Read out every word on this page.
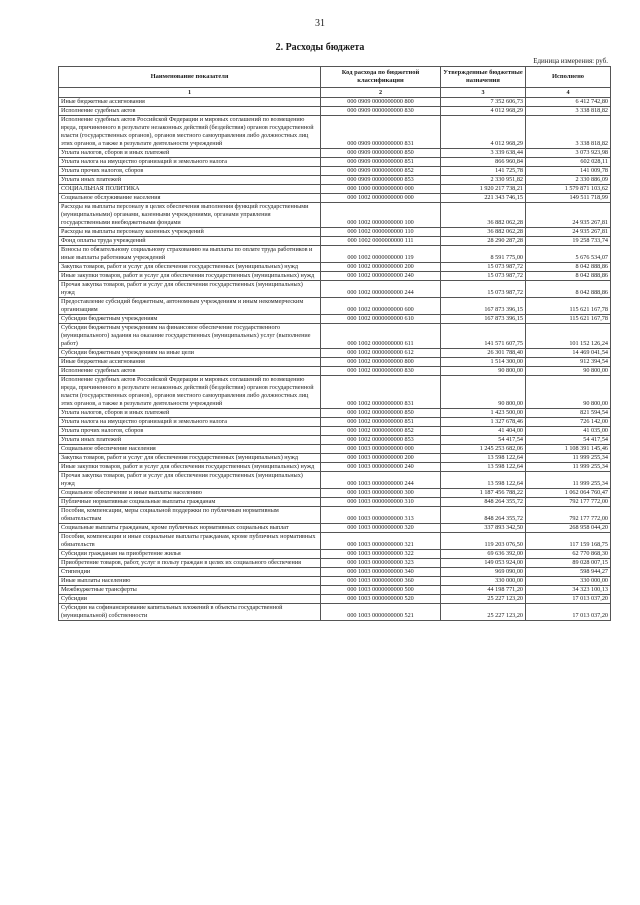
31
2. Расходы бюджета
Единица измерения: руб.
Наименование показателя	Код расхода по бюджетной классификации	Утвержденные бюджетные назначения	Исполнено
1	2	3	4
Иные бюджетные ассигнования	000 0909 0000000000 800	7 352 606,73	6 412 742,80
Исполнение судебных актов	000 0909 0000000000 830	4 012 968,29	3 338 818,82
Исполнение судебных актов Российской Федерации и мировых соглашений по возмещению вреда, причиненного в результате незаконных действий (бездействия) органов государственной власти (государственных органов), органов местного самоуправления либо должностных лиц этих органов, а также в результате деятельности учреждений	000 0909 0000000000 831	4 012 968,29	3 338 818,82
Уплата налогов, сборов и иных платежей	000 0909 0000000000 850	3 339 638,44	3 073 923,98
Уплата налога на имущество организаций и земельного налога	000 0909 0000000000 851	866 960,84	602 028,11
Уплата прочих налогов, сборов	000 0909 0000000000 852	141 725,78	141 009,78
Уплата иных платежей	000 0909 0000000000 853	2 330 951,82	2 330 886,09
СОЦИАЛЬНАЯ ПОЛИТИКА	000 1000 0000000000 000	1 920 217 738,21	1 579 871 103,62
Социальное обслуживание населения	000 1002 0000000000 000	221 343 746,15	149 511 718,99
Расходы на выплаты персоналу в целях обеспечения выполнения функций государственными (муниципальными) органами, казенными учреждениями, органами управления государственными внебюджетными фондами	000 1002 0000000000 100	36 882 062,28	24 935 267,81
Расходы на выплаты персоналу казенных учреждений	000 1002 0000000000 110	36 882 062,28	24 935 267,81
Фонд оплаты труда учреждений	000 1002 0000000000 111	28 290 287,28	19 258 733,74
Взносы по обязательному социальному страхованию на выплаты по оплате труда работников и иные выплаты работникам учреждений	000 1002 0000000000 119	8 591 775,00	5 676 534,07
Закупка товаров, работ и услуг для обеспечения государственных (муниципальных) нужд	000 1002 0000000000 200	15 073 987,72	8 042 888,86
Иные закупки товаров, работ и услуг для обеспечения государственных (муниципальных) нужд	000 1002 0000000000 240	15 073 987,72	8 042 888,86
Прочая закупка товаров, работ и услуг для обеспечения государственных (муниципальных) нужд	000 1002 0000000000 244	15 073 987,72	8 042 888,86
Предоставление субсидий бюджетным, автономным учреждениям и иным некоммерческим организациям	000 1002 0000000000 600	167 873 396,15	115 621 167,78
Субсидии бюджетным учреждениям	000 1002 0000000000 610	167 873 396,15	115 621 167,78
Субсидии бюджетным учреждениям на финансовое обеспечение государственного (муниципального) задания на оказание государственных (муниципальных) услуг (выполнение работ)	000 1002 0000000000 611	141 571 607,75	101 152 126,24
Субсидии бюджетным учреждениям на иные цели	000 1002 0000000000 612	26 301 788,40	14 469 041,54
Иные бюджетные ассигнования	000 1002 0000000000 800	1 514 300,00	912 394,54
Исполнение судебных актов	000 1002 0000000000 830	90 800,00	90 800,00
Исполнение судебных актов Российской Федерации и мировых соглашений по возмещению вреда, причиненного в результате незаконных действий (бездействия) органов государственной власти (государственных органов), органов местного самоуправления либо должностных лиц этих органов, а также в результате деятельности учреждений	000 1002 0000000000 831	90 800,00	90 800,00
Уплата налогов, сборов и иных платежей	000 1002 0000000000 850	1 423 500,00	821 594,54
Уплата налога на имущество организаций и земельного налога	000 1002 0000000000 851	1 327 678,46	726 142,00
Уплата прочих налогов, сборов	000 1002 0000000000 852	41 404,00	41 035,00
Уплата иных платежей	000 1002 0000000000 853	54 417,54	54 417,54
Социальное обеспечение населения	000 1003 0000000000 000	1 245 253 682,06	1 108 391 145,46
Закупка товаров, работ и услуг для обеспечения государственных (муниципальных) нужд	000 1003 0000000000 200	13 598 122,64	11 999 255,34
Иные закупки товаров, работ и услуг для обеспечения государственных (муниципальных) нужд	000 1003 0000000000 240	13 598 122,64	11 999 255,34
Прочая закупка товаров, работ и услуг для обеспечения государственных (муниципальных) нужд	000 1003 0000000000 244	13 598 122,64	11 999 255,34
Социальное обеспечение и иные выплаты населению	000 1003 0000000000 300	1 187 456 788,22	1 062 064 760,47
Публичные нормативные социальные выплаты гражданам	000 1003 0000000000 310	848 264 355,72	792 177 772,00
Пособия, компенсации, меры социальной поддержки по публичным нормативным обязательствам	000 1003 0000000000 313	848 264 355,72	792 177 772,00
Социальные выплаты гражданам, кроме публичных нормативных социальных выплат	000 1003 0000000000 320	337 893 342,50	268 958 044,20
Пособия, компенсации и иные социальные выплаты гражданам, кроме публичных нормативных обязательств	000 1003 0000000000 321	119 203 076,50	117 159 168,75
Субсидии гражданам на приобретение жилья	000 1003 0000000000 322	69 636 392,00	62 770 868,30
Приобретение товаров, работ, услуг в пользу граждан в целях их социального обеспечения	000 1003 0000000000 323	149 053 924,00	89 028 007,15
Стипендии	000 1003 0000000000 340	969 090,00	598 944,27
Иные выплаты населению	000 1003 0000000000 360	330 000,00	330 000,00
Межбюджетные трансферты	000 1003 0000000000 500	44 198 771,20	34 323 100,13
Субсидии	000 1003 0000000000 520	25 227 123,20	17 013 037,20
Субсидии на софинансирование капитальных вложений в объекты государственной (муниципальной) собственности	000 1003 0000000000 521	25 227 123,20	17 013 037,20
